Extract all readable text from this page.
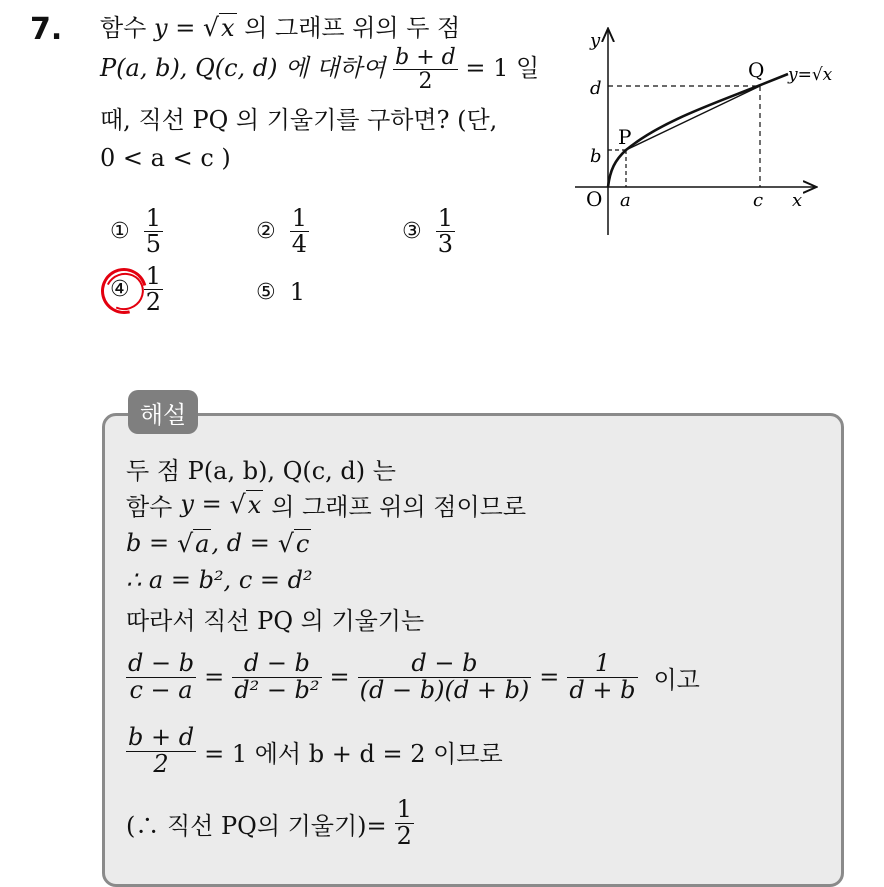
7. 함수 y = √x 의 그래프 위의 두 점
P(a, b), Q(c, d) 에 대하여 $\frac{b + d}{2} = 1$ 일
때, 직선 PQ 의 기울기를 구하면? (단,
0 < a < c )
① $\frac{1}{5}$	② $\frac{1}{4}$	③ $\frac{1}{3}$
④ $\frac{1}{2}$	⑤ 1
y
x
O a	c
b
d
P
Q y=√x
해설
두 점 P(a, b), Q(c, d) 는
함수 y = √x 의 그래프 위의 점이므로
b = √a , d = √c
∴ a = b², c = d²
따라서 직선 PQ 의 기울기는
$\frac{d - b}{c - a} = \frac{d - b}{\text{d² − b²}} = \frac{d - b}{(d - b)(d + b)} = \frac{1}{d + b}$ 이고
$\frac{b + d}{2} = 1$ 에서 b + d = 2 이므로
(∴ 직선 PQ의 기울기)= $\frac{1}{2}$
